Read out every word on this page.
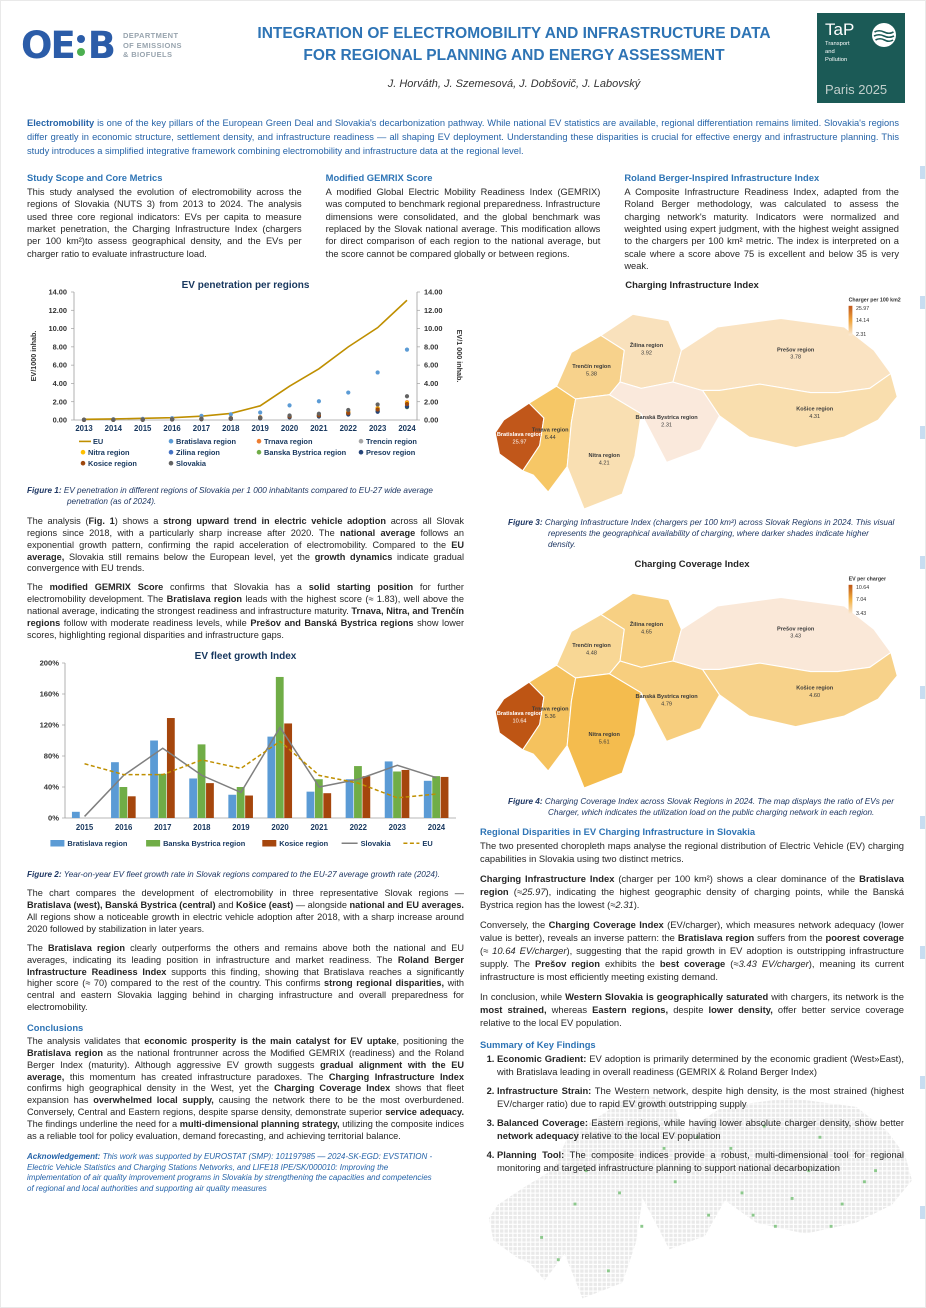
OE B DEPARTMENT
OF EMISSIONS
& BIOFUELS
INTEGRATION OF ELECTROMOBILITY AND INFRASTRUCTURE DATA
FOR REGIONAL PLANNING AND ENERGY ASSESSMENT
J. Horváth, J. Szemesová, J. Dobšovič, J. Labovský
TaP
Transport
and
Pollution
Paris 2025

Electromobility is one of the key pillars of the European Green Deal and Slovakia's decarbonization pathway. While national EV statistics are available, regional differentiation remains limited. Slovakia's regions differ greatly in economic structure, settlement density, and infrastructure readiness — all shaping EV deployment. Understanding these disparities is crucial for effective energy and infrastructure planning. This study introduces a simplified integrative framework combining electromobility and infrastructure data at the regional level.

Study Scope and Core Metrics

This study analysed the evolution of electromobility across the regions of Slovakia (NUTS 3) from 2013 to 2024. The analysis used three core regional indicators: EVs per capita to measure market penetration, the Charging Infrastructure Index (chargers per 100 km²)to assess geographical density, and the EVs per charger ratio to evaluate infrastructure load.

Modified GEMRIX Score

A modified Global Electric Mobility Readiness Index (GEMRIX) was computed to benchmark regional preparedness. Infrastructure dimensions were consolidated, and the global benchmark was replaced by the Slovak national average. This modification allows for direct comparison of each region to the national average, but the score cannot be compared globally or between regions.

Roland Berger-Inspired Infrastructure Index

A Composite Infrastructure Readiness Index, adapted from the Roland Berger methodology, was calculated to assess the charging network's maturity. Indicators were normalized and weighted using expert judgment, with the highest weight assigned to the chargers per 100 km² metric. The index is interpreted on a scale where a score above 75 is excellent and below 35 is very weak.

EV penetration per regions
0.00	0.00
2.00	2.00
4.00	4.00
6.00	6.00
8.00	8.00
10.00	10.00
12.00	12.00
14.00	14.00
2013 2014 2015 2016 2017 2018 2019 2020 2021 2022 2023 2024
EV/1000 inhab.	EV/1 000 inhab.
EU	Bratislava region	Trnava region	Trencin region
Nitra region	Zilina region	Banska Bystrica region	Presov region
Kosice region	Slovakia

Figure 1: EV penetration in different regions of Slovakia per 1 000 inhabitants compared to EU-27 wide average penetration (as of 2024).

The analysis (Fig. 1) shows a strong upward trend in electric vehicle adoption across all Slovak regions since 2018, with a particularly sharp increase after 2020. The national average follows an exponential growth pattern, confirming the rapid acceleration of electromobility. Compared to the EU average, Slovakia still remains below the European level, yet the growth dynamics indicate gradual convergence with EU trends.

The modified GEMRIX Score confirms that Slovakia has a solid starting position for further electromobility development. The Bratislava region leads with the highest score (≈ 1.83), well above the national average, indicating the strongest readiness and infrastructure maturity. Trnava, Nitra, and Trenčín regions follow with moderate readiness levels, while Prešov and Banská Bystrica regions show lower scores, highlighting regional disparities and infrastructure gaps.

EV fleet growth Index
0%
40%
80%
120%
160%
200%
2015	2016	2017	2018	2019	2020	2021	2022	2023	2024
Bratislava region	Banska Bystrica region	Kosice region	Slovakia	EU

Figure 2: Year-on-year EV fleet growth rate in Slovak regions compared to the EU-27 average growth rate (2024).

The chart compares the development of electromobility in three representative Slovak regions — Bratislava (west), Banská Bystrica (central) and Košice (east) — alongside national and EU averages. All regions show a noticeable growth in electric vehicle adoption after 2018, with a sharp increase around 2020 followed by stabilization in later years.

The Bratislava region clearly outperforms the others and remains above both the national and EU averages, indicating its leading position in infrastructure and market readiness. The Roland Berger Infrastructure Readiness Index supports this finding, showing that Bratislava reaches a significantly higher score (≈ 70) compared to the rest of the country. This confirms strong regional disparities, with central and eastern Slovakia lagging behind in charging infrastructure and overall preparedness for electromobility.

Conclusions

The analysis validates that economic prosperity is the main catalyst for EV uptake, positioning the Bratislava region as the national frontrunner across the Modified GEMRIX (readiness) and the Roland Berger Index (maturity). Although aggressive EV growth suggests gradual alignment with the EU average, this momentum has created infrastructure paradoxes. The Charging Infrastructure Index confirms high geographical density in the West, yet the Charging Coverage Index shows that fleet expansion has overwhelmed local supply, causing the network there to be the most overburdened. Conversely, Central and Eastern regions, despite sparse density, demonstrate superior service adequacy. The findings underline the need for a multi-dimensional planning strategy, utilizing the composite indices as a reliable tool for policy evaluation, demand forecasting, and achieving territorial balance.

Acknowledgement: This work was supported by EUROSTAT (SMP): 101197985 — 2024-SK-EGD: EVSTATION - Electric Vehicle Statistics and Charging Stations Networks, and LIFE18 IPE/SK/000010: Improving the implementation of air quality improvement programs in Slovakia by strengthening the capacities and competencies of regional and local authorities and supporting air quality measures

Charging Infrastructure Index
Bratislava region
25.97
Trnava region
6.44
Trenčín region
5.38
Nitra region
4.21
Žilina region
3.92
Banská Bystrica region
2.31
Prešov region
3.78
Košice region
4.31
Charger per 100 km2
25.97
14.14
2.31

Figure 3: Charging Infrastructure Index (chargers per 100 km²) across Slovak Regions in 2024. This visual represents the geographical availability of charging, where darker shades indicate higher density.

Charging Coverage Index
Bratislava region
10.64
Trnava region
5.36
Trenčín region
4.48
Nitra region
5.61
Žilina region
4.65
Banská Bystrica region
4.79
Prešov region
3.43
Košice region
4.60
EV per charger
10.64
7.04
3.43

Figure 4: Charging Coverage Index across Slovak Regions in 2024. The map displays the ratio of EVs per Charger, which indicates the utilization load on the public charging network in each region.

Regional Disparities in EV Charging Infrastructure in Slovakia

The two presented choropleth maps analyse the regional distribution of Electric Vehicle (EV) charging capabilities in Slovakia using two distinct metrics.

Charging Infrastructure Index (charger per 100 km²) shows a clear dominance of the Bratislava region (≈25.97), indicating the highest geographic density of charging points, while the Banská Bystrica region has the lowest (≈2.31).

Conversely, the Charging Coverage Index (EV/charger), which measures network adequacy (lower value is better), reveals an inverse pattern: the Bratislava region suffers from the poorest coverage (≈ 10.64 EV/charger), suggesting that the rapid growth in EV adoption is outstripping infrastructure supply. The Prešov region exhibits the best coverage (≈3.43 EV/charger), meaning its current infrastructure is most efficiently meeting existing demand.

In conclusion, while Western Slovakia is geographically saturated with chargers, its network is the most strained, whereas Eastern regions, despite lower density, offer better service coverage relative to the local EV population.

Summary of Key Findings
1. Economic Gradient: EV adoption is primarily determined by the economic gradient (West»East), with Bratislava leading in overall readiness (GEMRIX & Roland Berger Index)
2. Infrastructure Strain: The Western network, despite high density, is the most strained (highest EV/charger ratio) due to rapid EV growth outstripping supply
3. Balanced Coverage: Eastern regions, while having lower absolute charger density, show better network adequacy relative to the local EV population
4. Planning Tool: The composite indices provide a robust, multi-dimensional tool for regional monitoring and targeted infrastructure planning to support national decarbonization
